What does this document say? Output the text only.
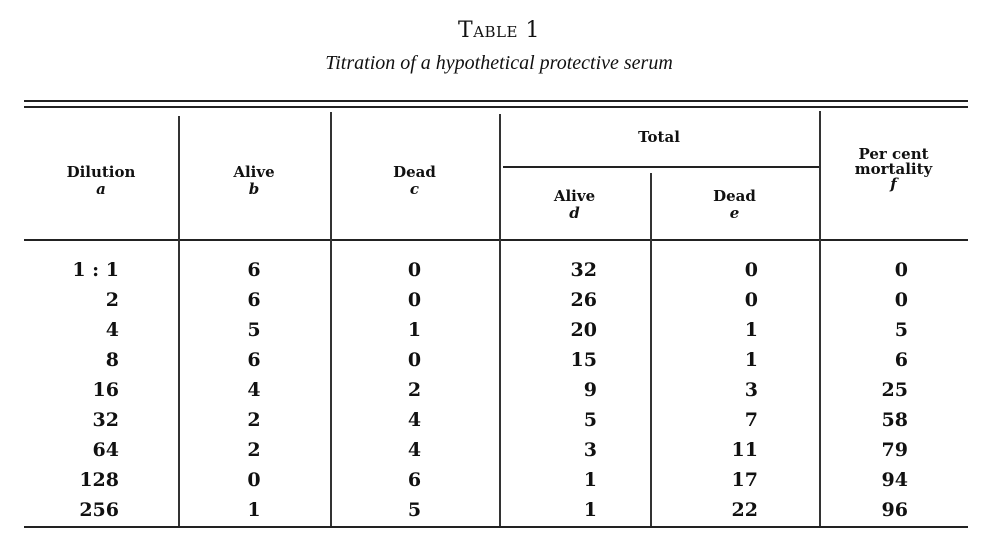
Table 1
Titration of a hypothetical protective serum
Dilution
a
Alive
b
Dead
c
Total
Alive
d
Dead
e
Per cent
mortality
f
1 : 1
2
4
8
16
32
64
128
256
6
6
5
6
4
2
2
0
1
0
0
1
0
2
4
4
6
5
32
26
20
15
9
5
3
1
1
0
0
1
1
3
7
11
17
22
0
0
5
6
25
58
79
94
96
